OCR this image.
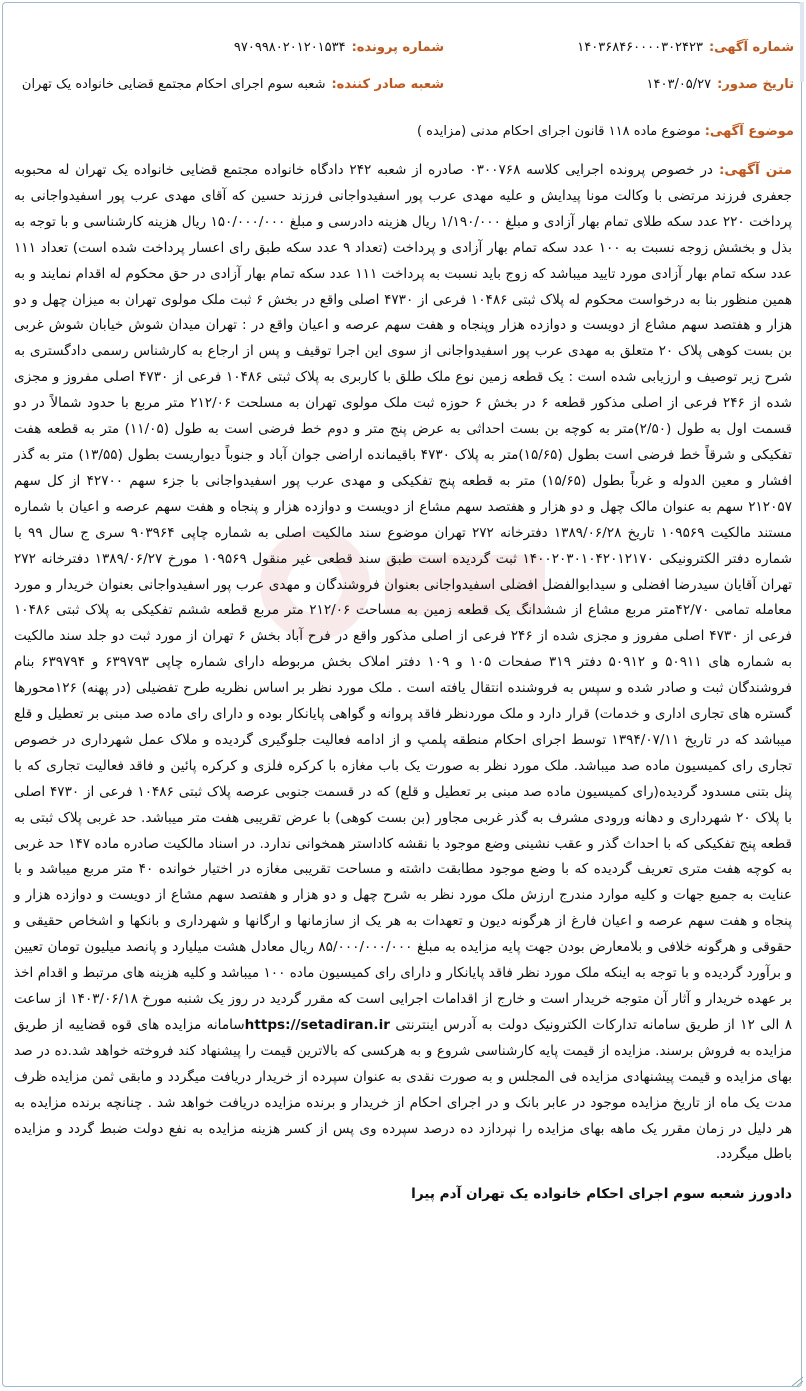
شماره آگهی:۱۴۰۳۶۸۴۶۰۰۰۰۳۰۲۴۲۳
شماره پرونده:۹۷۰۹۹۸۰۲۰۱۲۰۱۵۳۴
تاریخ صدور:۱۴۰۳/۰۵/۲۷
شعبه صادر کننده:شعبه سوم اجرای احکام مجتمع قضایی خانواده یک تهران
موضوع آگهی: موضوع ماده ۱۱۸ قانون اجرای احکام مدنی (مزایده )
متن آگهی:در خصوص پرونده اجرایی کلاسه ۰۳۰۰۷۶۸ صادره از شعبه ۲۴۲ دادگاه خانواده مجتمع قضایی خانواده یک تهران له محبوبه جعفری فرزند مرتضی با وکالت مونا پیدایش و علیه مهدی عرب پور اسفیدواجانی فرزند حسین که آقای مهدی عرب پور اسفیدواجانی به پرداخت ۲۲۰ عدد سکه طلای تمام بهار آزادی و مبلغ ۱/۱۹۰/۰۰۰ ریال هزینه دادرسی و مبلغ ۱۵۰/۰۰۰/۰۰۰ ریال هزینه کارشناسی و با توجه به بذل و بخشش زوجه نسبت به ۱۰۰ عدد سکه تمام بهار آزادی و پرداخت (تعداد ۹ عدد سکه طبق رای اعسار پرداخت شده است) تعداد ۱۱۱ عدد سکه تمام بهار آزادی مورد تایید میباشد که زوج باید نسبت به پرداخت ۱۱۱ عدد سکه تمام بهار آزادی در حق محکوم له اقدام نمایند و به همین منظور بنا به درخواست محکوم له پلاک ثبتی ۱۰۴۸۶ فرعی از ۴۷۳۰ اصلی واقع در بخش ۶ ثبت ملک مولوی تهران به میزان چهل و دو هزار و هفتصد سهم مشاع از دویست و دوازده هزار وپنجاه و هفت سهم عرصه و اعیان واقع در : تهران میدان شوش خیابان شوش غربی بن بست کوهی پلاک ۲۰ متعلق به مهدی عرب پور اسفیدواجانی از سوی این اجرا توقیف و پس از ارجاع به کارشناس رسمی دادگستری به شرح زیر توصیف و ارزیابی شده است : یک قطعه زمین نوع ملک طلق با کاربری به پلاک ثبتی ۱۰۴۸۶ فرعی از ۴۷۳۰ اصلی مفروز و مجزی شده از ۲۴۶ فرعی از اصلی مذکور قطعه ۶ در بخش ۶ حوزه ثبت ملک مولوی تهران به مسلحت ۲۱۲/۰۶ متر مربع با حدود شمالاً در دو قسمت اول به طول (۲/۵۰)متر به کوچه بن بست احداثی به عرض پنج متر و دوم خط فرضی است به طول (۱۱/۰۵) متر به قطعه هفت تفکیکی و شرقاً خط فرضی است بطول (۱۵/۶۵)متر به پلاک ۴۷۳۰ باقیمانده اراضی جوان آباد و جنوباً دیواریست بطول (۱۳/۵۵) متر به گذر افشار و معین الدوله و غرباً بطول (۱۵/۶۵) متر به قطعه پنج تفکیکی و مهدی عرب پور اسفیدواجانی با جزء سهم ۴۲۷۰۰ از کل سهم ۲۱۲۰۵۷ سهم به عنوان مالک چهل و دو هزار و هفتصد سهم مشاع از دویست و دوازده هزار و پنجاه و هفت سهم عرصه و اعیان با شماره مستند مالکیت ۱۰۹۵۶۹ تاریخ ۱۳۸۹/۰۶/۲۸ دفترخانه ۲۷۲ تهران موضوع سند مالکیت اصلی به شماره چاپی ۹۰۳۹۶۴ سری ج سال ۹۹ با شماره دفتر الکترونیکی ۱۴۰۰۲۰۳۰۱۰۴۲۰۱۲۱۷۰ ثبت گردیده است طبق سند قطعی غیر منقول ۱۰۹۵۶۹ مورخ ۱۳۸۹/۰۶/۲۷ دفترخانه ۲۷۲ تهران آقایان سیدرضا افضلی و سیدابوالفضل افضلی اسفیدواجانی بعنوان فروشندگان و مهدی عرب پور اسفیدواجانی بعنوان خریدار و مورد معامله تمامی ۴۲/۷۰متر مربع مشاع از ششدانگ یک قطعه زمین به مساحت ۲۱۲/۰۶ متر مربع قطعه ششم تفکیکی به پلاک ثبتی ۱۰۴۸۶ فرعی از ۴۷۳۰ اصلی مفروز و مجزی شده از ۲۴۶ فرعی از اصلی مذکور واقع در فرح آباد بخش ۶ تهران از مورد ثبت دو جلد سند مالکیت به شماره های ۵۰۹۱۱ و ۵۰۹۱۲ دفتر ۳۱۹ صفحات ۱۰۵ و ۱۰۹ دفتر املاک بخش مربوطه دارای شماره چاپی ۶۳۹۷۹۳ و ۶۳۹۷۹۴ بنام فروشندگان ثبت و صادر شده و سپس به فروشنده انتقال یافته است . ملک مورد نظر بر اساس نظریه طرح تفضیلی (در پهنه) ۱۲۶محورها گستره های تجاری اداری و خدمات) قرار دارد و ملک موردنظر فاقد پروانه و گواهی پایانکار بوده و دارای رای ماده صد مبنی بر تعطیل و قلع میباشد که در تاریخ ۱۳۹۴/۰۷/۱۱ توسط اجرای احکام منطقه پلمپ و از ادامه فعالیت جلوگیری گردیده و ملاک عمل شهرداری در خصوص تجاری رای کمیسیون ماده صد میباشد. ملک مورد نظر به صورت یک باب مغازه با کرکره فلزی و کرکره پائین و فاقد فعالیت تجاری که با پنل بتنی مسدود گردیده(رای کمیسیون ماده صد مبنی بر تعطیل و قلع) که در قسمت جنوبی عرصه پلاک ثبتی ۱۰۴۸۶ فرعی از ۴۷۳۰ اصلی با پلاک ۲۰ شهرداری و دهانه ورودی مشرف به گذر غربی مجاور (بن بست کوهی) با عرض تقریبی هفت متر میباشد. حد غربی پلاک ثبتی به قطعه پنج تفکیکی که با احداث گذر و عقب نشینی وضع موجود با نقشه کاداستر همخوانی ندارد. در اسناد مالکیت صادره ماده ۱۴۷ حد غربی به کوچه هفت متری تعریف گردیده که با وضع موجود مطابقت داشته و مساحت تقریبی مغازه در اختیار خوانده ۴۰ متر مربع میباشد و با عنایت به جمیع جهات و کلیه موارد مندرج ارزش ملک مورد نظر به شرح چهل و دو هزار و هفتصد سهم مشاع از دویست و دوازده هزار و پنجاه و هفت سهم عرصه و اعیان فارغ از هرگونه دیون و تعهدات به هر یک از سازمانها و ارگانها و شهرداری و بانکها و اشخاص حقیقی و حقوقی و هرگونه خلافی و بلامعارض بودن جهت پایه مزایده به مبلغ ۸۵/۰۰۰/۰۰۰/۰۰۰ ریال معادل هشت میلیارد و پانصد میلیون تومان تعیین و برآورد گردیده و با توجه به اینکه ملک مورد نظر فاقد پایانکار و دارای رای کمیسیون ماده ۱۰۰ میباشد و کلیه هزینه های مرتبط و اقدام اخذ بر عهده خریدار و آثار آن متوجه خریدار است و خارج از اقدامات اجرایی است که مقرر گردید در روز یک شنبه مورخ ۱۴۰۳/۰۶/۱۸ از ساعت ۸ الی ۱۲ از طریق سامانه تدارکات الکترونیک دولت به آدرس اینترنتی https://setadiran.irسامانه مزایده های قوه قضاییه از طریق مزایده به فروش برسند. مزایده از قیمت پایه کارشناسی شروع و به هرکسی که بالاترین قیمت را پیشنهاد کند فروخته خواهد شد.ده در صد بهای مزایده و قیمت پیشنهادی مزایده فی المجلس و به صورت نقدی به عنوان سپرده از خریدار دریافت میگردد و مابقی ثمن مزایده ظرف مدت یک ماه از تاریخ مزایده موجود در عابر بانک و در اجرای احکام از خریدار و برنده مزایده دریافت خواهد شد . چنانچه برنده مزایده به هر دلیل در زمان مقرر یک ماهه بهای مزایده را نپردازد ده درصد سپرده وی پس از کسر هزینه مزایده به نفع دولت ضبط گردد و مزایده باطل میگردد.
دادورز شعبه سوم اجرای احکام خانواده یک تهران آدم پیرا
